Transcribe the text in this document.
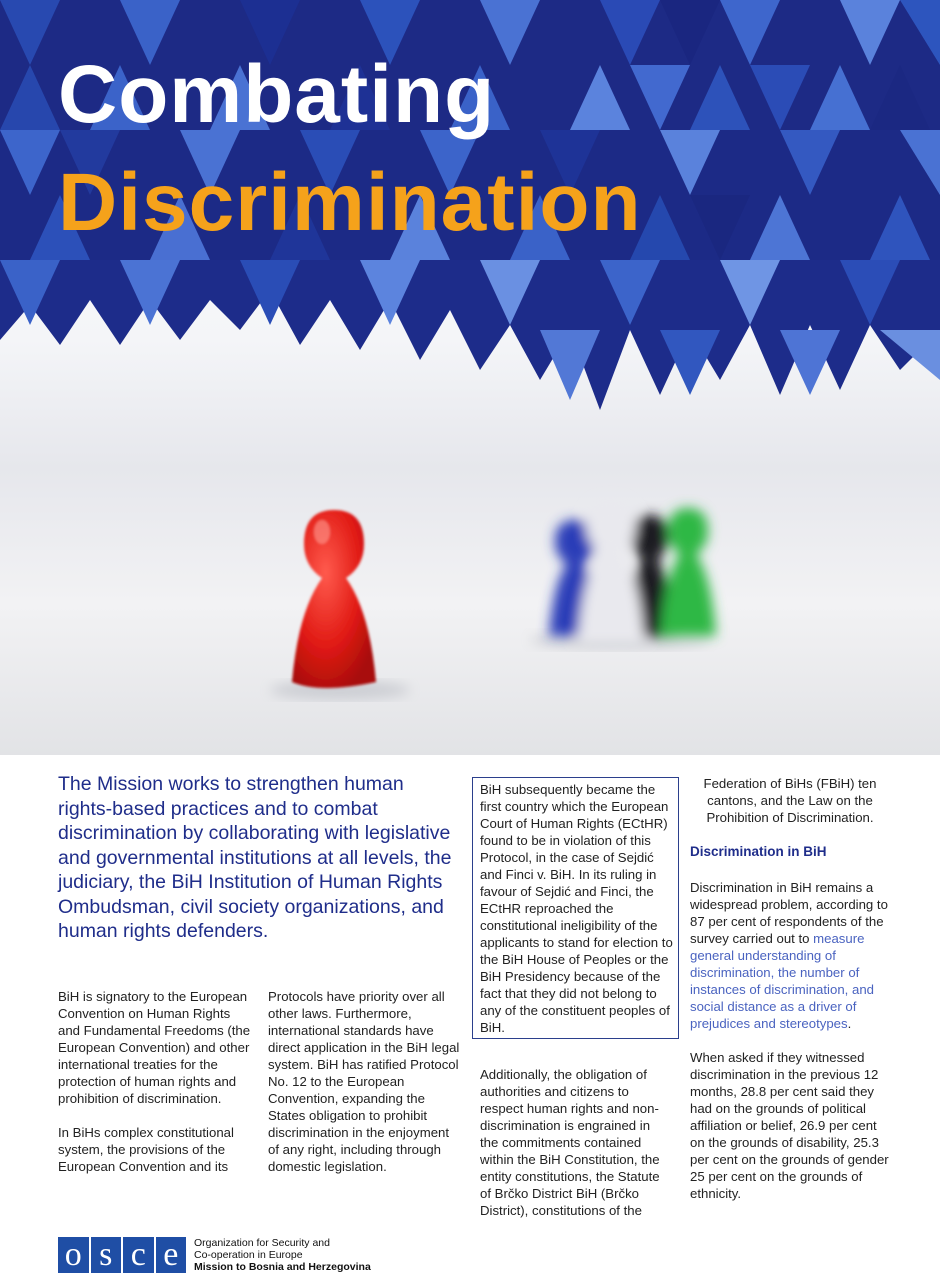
Combating
Discrimination

The Mission works to strengthen human rights-based practices and to combat discrimination by collaborating with legislative and governmental institutions at all levels, the judiciary, the BiH Institution of Human Rights Ombudsman, civil society organizations, and human rights defenders.

BiH is signatory to the European Convention on Human Rights and Fundamental Freedoms (the European Convention) and other international treaties for the protection of human rights and prohibition of discrimination.

In BiHs complex constitutional system, the provisions of the European Convention and its

Protocols have priority over all other laws. Furthermore, international standards have direct application in the BiH legal system. BiH has ratified Protocol No. 12 to the European Convention, expanding the States obligation to prohibit discrimination in the enjoyment of any right, including through domestic legislation.

BiH subsequently became the first country which the European Court of Human Rights (ECtHR) found to be in violation of this Protocol, in the case of Sejdić and Finci v. BiH. In its ruling in favour of Sejdić and Finci, the ECtHR reproached the constitutional ineligibility of the applicants to stand for election to the BiH House of Peoples or the BiH Presidency because of the fact that they did not belong to any of the constituent peoples of BiH.

Additionally, the obligation of authorities and citizens to respect human rights and non-discrimination is engrained in the commitments contained within the BiH Constitution, the entity constitutions, the Statute of Brčko District BiH (Brčko District), constitutions of the

Federation of BiHs (FBiH) ten cantons, and the Law on the Prohibition of Discrimination.

Discrimination in BiH

Discrimination in BiH remains a widespread problem, according to 87 per cent of respondents of the survey carried out to measure general understanding of discrimination, the number of instances of discrimination, and social distance as a driver of prejudices and stereotypes.

When asked if they witnessed discrimination in the previous 12 months, 28.8 per cent said they had on the grounds of political affiliation or belief, 26.9 per cent on the grounds of disability, 25.3 per cent on the grounds of gender 25 per cent on the grounds of ethnicity.

o s c e	Organization for Security and
Co-operation in Europe
Mission to Bosnia and Herzegovina
